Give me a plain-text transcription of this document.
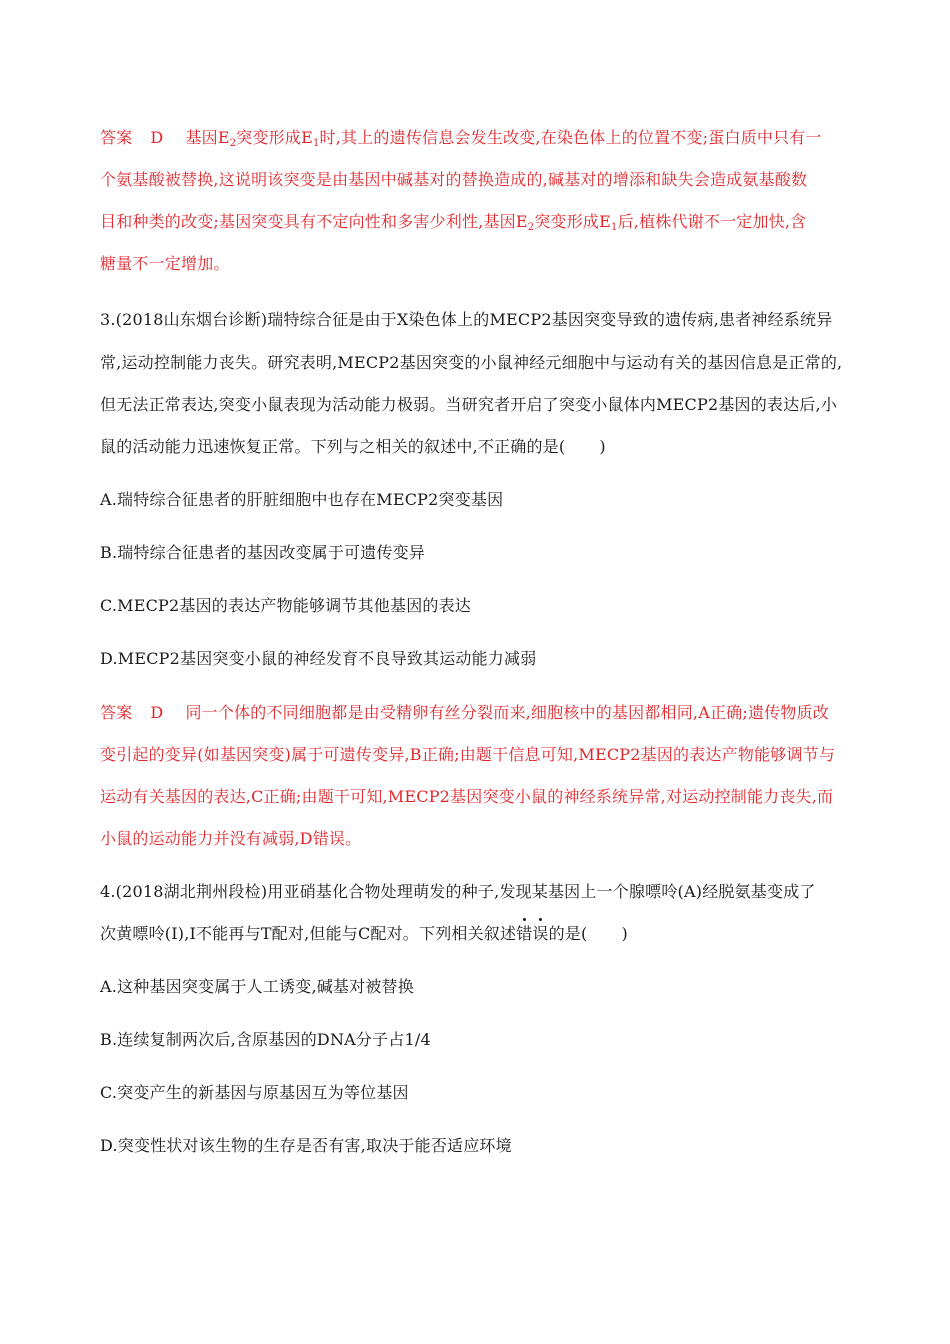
答案 D 基因$E_2$突变形成$E_1$时,其上的遗传信息会发生改变,在染色体上的位置不变;蛋白质中只有一
个氨基酸被替换,这说明该突变是由基因中碱基对的替换造成的,碱基对的增添和缺失会造成氨基酸数
目和种类的改变;基因突变具有不定向性和多害少利性,基因$E_2$突变形成$E_1$后,植株代谢不一定加快,含
糖量不一定增加。
3.(2018山东烟台诊断)瑞特综合征是由于X染色体上的MECP2基因突变导致的遗传病,患者神经系统异
常,运动控制能力丧失。研究表明,MECP2基因突变的小鼠神经元细胞中与运动有关的基因信息是正常的,
但无法正常表达,突变小鼠表现为活动能力极弱。当研究者开启了突变小鼠体内MECP2基因的表达后,小
鼠的活动能力迅速恢复正常。下列与之相关的叙述中,不正确的是( )
A.瑞特综合征患者的肝脏细胞中也存在MECP2突变基因
B.瑞特综合征患者的基因改变属于可遗传变异
C.MECP2基因的表达产物能够调节其他基因的表达
D.MECP2基因突变小鼠的神经发育不良导致其运动能力减弱
答案 D 同一个体的不同细胞都是由受精卵有丝分裂而来,细胞核中的基因都相同,A正确;遗传物质改
变引起的变异(如基因突变)属于可遗传变异,B正确;由题干信息可知,MECP2基因的表达产物能够调节与
运动有关基因的表达,C正确;由题干可知,MECP2基因突变小鼠的神经系统异常,对运动控制能力丧失,而
小鼠的运动能力并没有减弱,D错误。
4.(2018湖北荆州段检)用亚硝基化合物处理萌发的种子,发现某基因上一个腺嘌呤(A)经脱氨基变成了
次黄嘌呤(I),I不能再与T配对,但能与C配对。下列相关叙述错误的是( )
A.这种基因突变属于人工诱变,碱基对被替换
B.连续复制两次后,含原基因的DNA分子占1/4
C.突变产生的新基因与原基因互为等位基因
D.突变性状对该生物的生存是否有害,取决于能否适应环境
